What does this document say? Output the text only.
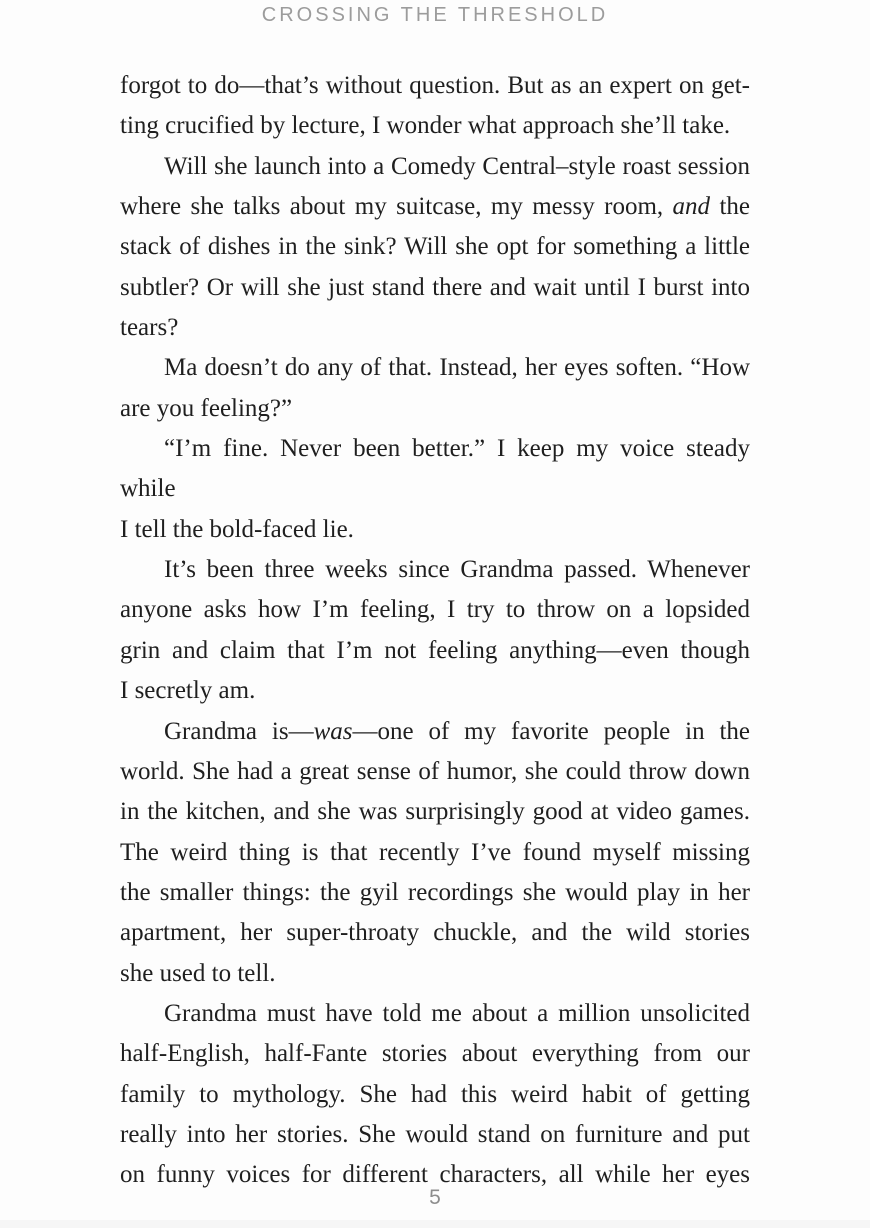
CROSSING THE THRESHOLD
forgot to do—that’s without question. But as an expert on get-
ting crucified by lecture, I wonder what approach she’ll take.
Will she launch into a Comedy Central–style roast session
where she talks about my suitcase, my messy room, and the
stack of dishes in the sink? Will she opt for something a little
subtler? Or will she just stand there and wait until I burst into
tears?
Ma doesn’t do any of that. Instead, her eyes soften. “How
are you feeling?”
“I’m fine. Never been better.” I keep my voice steady while
I tell the bold-faced lie.
It’s been three weeks since Grandma passed. Whenever
anyone asks how I’m feeling, I try to throw on a lopsided
grin and claim that I’m not feeling anything—even though
I secretly am.
Grandma is—was—one of my favorite people in the
world. She had a great sense of humor, she could throw down
in the kitchen, and she was surprisingly good at video games.
The weird thing is that recently I’ve found myself missing
the smaller things: the gyil recordings she would play in her
apartment, her super-throaty chuckle, and the wild stories
she used to tell.
Grandma must have told me about a million unsolicited
half-English, half-Fante stories about everything from our
family to mythology. She had this weird habit of getting
really into her stories. She would stand on furniture and put
on funny voices for different characters, all while her eyes
5
